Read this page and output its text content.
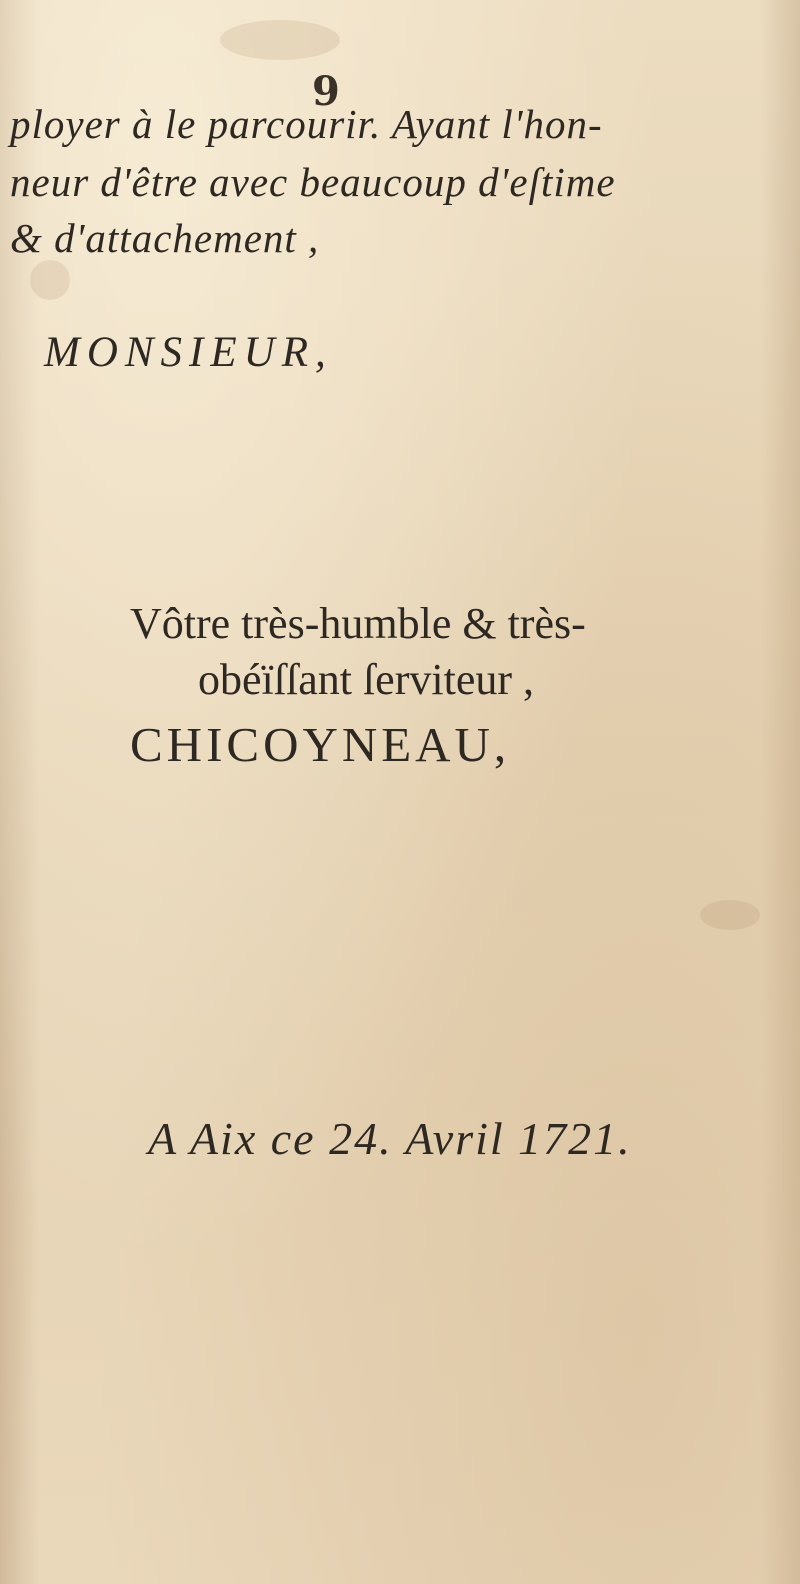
9
ployer à le parcourir. Ayant l'hon-
neur d'être avec beaucoup d'eſtime
& d'attachement ,
MONSIEUR,
Vôtre très-humble & très-
obéïſſant ſerviteur ,
CHICOYNEAU,
A Aix ce 24. Avril 1721.
